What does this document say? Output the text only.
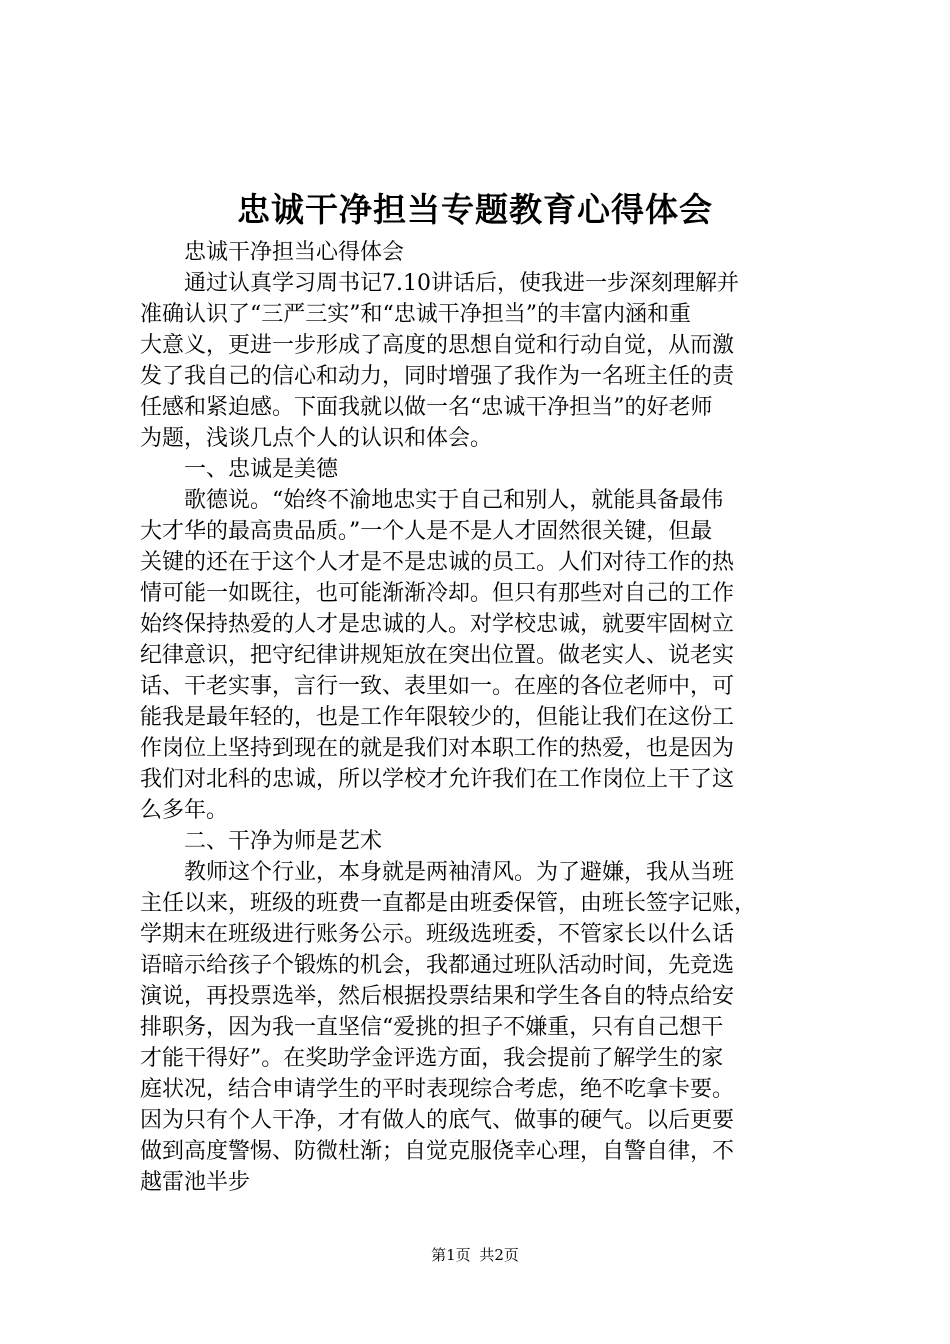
忠诚干净担当专题教育心得体会
忠诚干净担当心得体会
通过认真学习周书记7.10讲话后，使我进一步深刻理解并
准确认识了“三严三实”和“忠诚干净担当”的丰富内涵和重
大意义，更进一步形成了高度的思想自觉和行动自觉，从而激
发了我自己的信心和动力，同时增强了我作为一名班主任的责
任感和紧迫感。下面我就以做一名“忠诚干净担当”的好老师
为题，浅谈几点个人的认识和体会。
一、忠诚是美德
歌德说。“始终不渝地忠实于自己和别人，就能具备最伟
大才华的最高贵品质。”一个人是不是人才固然很关键，但最
关键的还在于这个人才是不是忠诚的员工。人们对待工作的热
情可能一如既往，也可能渐渐冷却。但只有那些对自己的工作
始终保持热爱的人才是忠诚的人。对学校忠诚，就要牢固树立
纪律意识，把守纪律讲规矩放在突出位置。做老实人、说老实
话、干老实事，言行一致、表里如一。在座的各位老师中，可
能我是最年轻的，也是工作年限较少的，但能让我们在这份工
作岗位上坚持到现在的就是我们对本职工作的热爱，也是因为
我们对北科的忠诚，所以学校才允许我们在工作岗位上干了这
么多年。
二、干净为师是艺术
教师这个行业，本身就是两袖清风。为了避嫌，我从当班
主任以来，班级的班费一直都是由班委保管，由班长签字记账，
学期末在班级进行账务公示。班级选班委，不管家长以什么话
语暗示给孩子个锻炼的机会，我都通过班队活动时间，先竞选
演说，再投票选举，然后根据投票结果和学生各自的特点给安
排职务，因为我一直坚信“爱挑的担子不嫌重，只有自己想干
才能干得好”。在奖助学金评选方面，我会提前了解学生的家
庭状况，结合申请学生的平时表现综合考虑，绝不吃拿卡要。
因为只有个人干净，才有做人的底气、做事的硬气。以后更要
做到高度警惕、防微杜渐；自觉克服侥幸心理，自警自律，不
越雷池半步
第1页 共2页
